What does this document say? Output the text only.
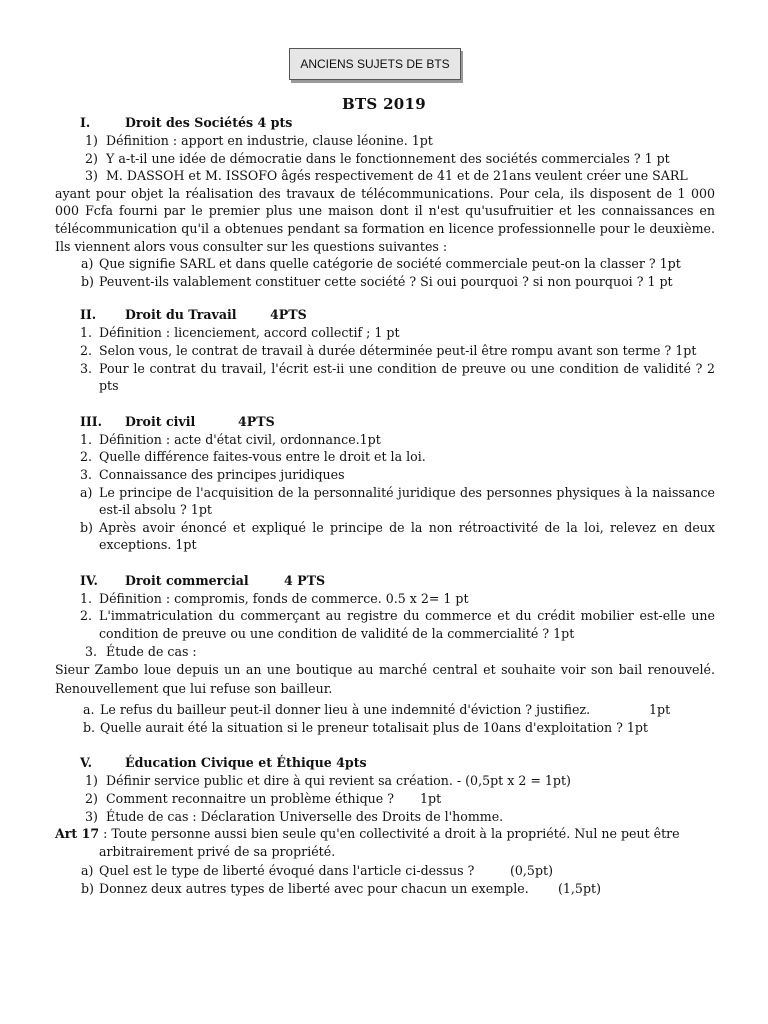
ANCIENS SUJETS DE BTS
BTS 2019
I.	Droit des Sociétés 4 pts
1) Définition : apport en industrie, clause léonine. 1pt
2) Y a-t-il une idée de démocratie dans le fonctionnement des sociétés commerciales ? 1 pt
3) M. DASSOH et M. ISSOFO âgés respectivement de 41 et de 21ans veulent créer une SARL
ayant pour objet la réalisation des travaux de télécommunications. Pour cela, ils disposent de 1 000 000 Fcfa fourni par le premier plus une maison dont il n'est qu'usufruitier et les connaissances en télécommunication qu'il a obtenues pendant sa formation en licence professionnelle pour le deuxième. Ils viennent alors vous consulter sur les questions suivantes :
a) Que signifie SARL et dans quelle catégorie de société commerciale peut-on la classer ? 1pt
b) Peuvent-ils valablement constituer cette société ? Si oui pourquoi ? si non pourquoi ? 1 pt
II. Droit du Travail	4PTS
1. Définition : licenciement, accord collectif ; 1 pt
2. Selon vous, le contrat de travail à durée déterminée peut-il être rompu avant son terme ? 1pt
3. Pour le contrat du travail, l'écrit est-ii une condition de preuve ou une condition de validité ? 2 pts
III. Droit civil	4PTS
1. Définition : acte d'état civil, ordonnance.1pt
2. Quelle différence faites-vous entre le droit et la loi.
3. Connaissance des principes juridiques
a) Le principe de l'acquisition de la personnalité juridique des personnes physiques à la naissance est-il absolu ? 1pt
b) Après avoir énoncé et expliqué le principe de la non rétroactivité de la loi, relevez en deux exceptions. 1pt
IV. Droit commercial	4 PTS
1. Définition : compromis, fonds de commerce. 0.5 x 2= 1 pt
2. L'immatriculation du commerçant au registre du commerce et du crédit mobilier est-elle une condition de preuve ou une condition de validité de la commercialité ? 1pt
3. Étude de cas :
Sieur Zambo loue depuis un an une boutique au marché central et souhaite voir son bail renouvelé. Renouvellement que lui refuse son bailleur.
a. Le refus du bailleur peut-il donner lieu à une indemnité d'éviction ? justifiez.	1pt
b. Quelle aurait été la situation si le preneur totalisait plus de 10ans d'exploitation ? 1pt
V.	Éducation Civique et Éthique 4pts
1) Définir service public et dire à qui revient sa création. - (0,5pt x 2 = 1pt)
2) Comment reconnaitre un problème éthique ? 1pt
3) Étude de cas : Déclaration Universelle des Droits de l'homme.
Art 17 : Toute personne aussi bien seule qu'en collectivité a droit à la propriété. Nul ne peut être
arbitrairement privé de sa propriété.
a) Quel est le type de liberté évoqué dans l'article ci-dessus ?	(0,5pt)
b) Donnez deux autres types de liberté avec pour chacun un exemple. (1,5pt)
